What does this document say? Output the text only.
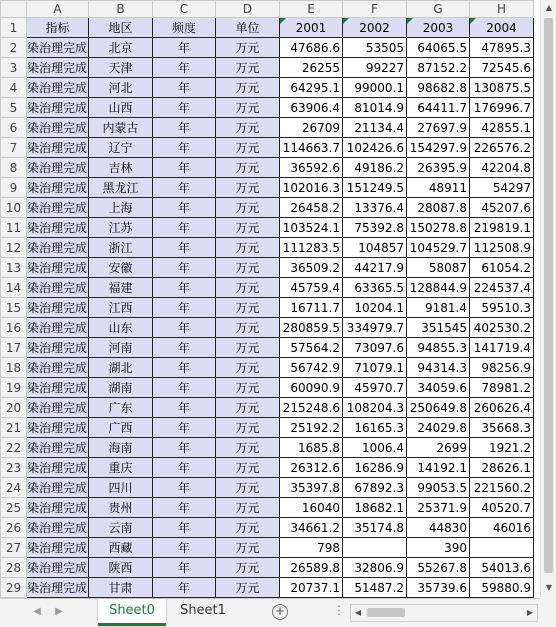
	A	B	C	D	E	F	G	H
1	指标	地区	频度	单位	2001	2002	2003	2004
2	染治理完成	北京	年	万元	47686.6	53505	64065.5	47895.3
3	染治理完成	天津	年	万元	26255	99227	87152.2	72545.6
4	染治理完成	河北	年	万元	64295.1	99000.1	98682.8	130875.5
5	染治理完成	山西	年	万元	63906.4	81014.9	64411.7	176996.7
6	染治理完成	内蒙古	年	万元	26709	21134.4	27697.9	42855.1
7	染治理完成	辽宁	年	万元	114663.7	102426.6	154297.9	226576.2
8	染治理完成	吉林	年	万元	36592.6	49186.2	26395.9	42204.8
9	染治理完成	黑龙江	年	万元	102016.3	151249.5	48911	54297
10	染治理完成	上海	年	万元	26458.2	13376.4	28087.8	45207.6
11	染治理完成	江苏	年	万元	103524.1	75392.8	150278.8	219819.1
12	染治理完成	浙江	年	万元	111283.5	104857	104529.7	112508.9
13	染治理完成	安徽	年	万元	36509.2	44217.9	58087	61054.2
14	染治理完成	福建	年	万元	45759.4	63365.5	128844.9	224537.4
15	染治理完成	江西	年	万元	16711.7	10204.1	9181.4	59510.3
16	染治理完成	山东	年	万元	280859.5	334979.7	351545	402530.2
17	染治理完成	河南	年	万元	57564.2	73097.6	94855.3	141719.4
18	染治理完成	湖北	年	万元	56742.9	71079.1	94314.3	98256.9
19	染治理完成	湖南	年	万元	60090.9	45970.7	34059.6	78981.2
20	染治理完成	广东	年	万元	215248.6	108204.3	250649.8	260626.4
21	染治理完成	广西	年	万元	25192.2	16165.3	24029.8	35668.3
22	染治理完成	海南	年	万元	1685.8	1006.4	2699	1921.2
23	染治理完成	重庆	年	万元	26312.6	16286.9	14192.1	28626.1
24	染治理完成	四川	年	万元	35397.8	67892.3	99053.5	221560.2
25	染治理完成	贵州	年	万元	16040	18682.1	25371.9	40520.7
26	染治理完成	云南	年	万元	34661.2	35174.8	44830	46016
27	染治理完成	西藏	年	万元	798		390	
28	染治理完成	陕西	年	万元	26589.8	32806.9	55267.8	54013.6
29	染治理完成	甘肃	年	万元	20737.1	51487.2	35739.6	59880.9

▲
▼
◀	▶	Sheet0	Sheet1	+	⋮	◀	▶
